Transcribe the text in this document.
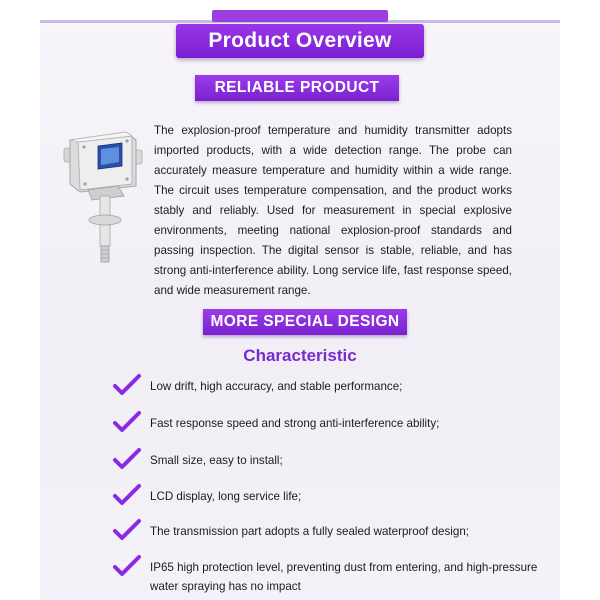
Product Overview
RELIABLE PRODUCT

The explosion-proof temperature and humidity transmitter adopts imported products, with a wide detection range. The probe can accurately measure temperature and humidity within a wide range. The circuit uses temperature compensation, and the product works stably and reliably. Used for measurement in special explosive environments, meeting national explosion-proof standards and passing inspection. The digital sensor is stable, reliable, and has strong anti-interference ability. Long service life, fast response speed, and wide measurement range.

MORE SPECIAL DESIGN
Characteristic
Low drift, high accuracy, and stable performance;
Fast response speed and strong anti-interference ability;
Small size, easy to install;
LCD display, long service life;
The transmission part adopts a fully sealed waterproof design;
IP65 high protection level, preventing dust from entering, and high-pressure water spraying has no impact
